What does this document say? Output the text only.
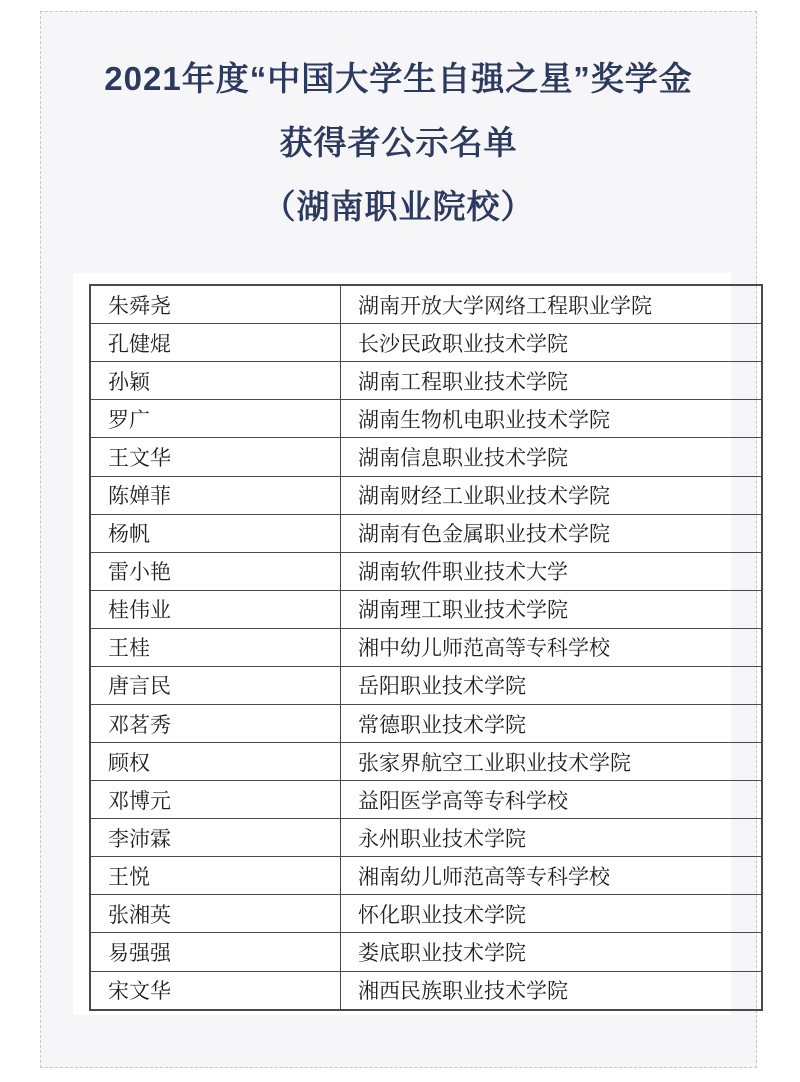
2021年度“中国大学生自强之星”奖学金
获得者公示名单
（湖南职业院校）
朱舜尧	湖南开放大学网络工程职业学院
孔健焜	长沙民政职业技术学院
孙颖	湖南工程职业技术学院
罗广	湖南生物机电职业技术学院
王文华	湖南信息职业技术学院
陈婵菲	湖南财经工业职业技术学院
杨帆	湖南有色金属职业技术学院
雷小艳	湖南软件职业技术大学
桂伟业	湖南理工职业技术学院
王桂	湘中幼儿师范高等专科学校
唐言民	岳阳职业技术学院
邓茗秀	常德职业技术学院
顾权	张家界航空工业职业技术学院
邓博元	益阳医学高等专科学校
李沛霖	永州职业技术学院
王悦	湘南幼儿师范高等专科学校
张湘英	怀化职业技术学院
易强强	娄底职业技术学院
宋文华	湘西民族职业技术学院
